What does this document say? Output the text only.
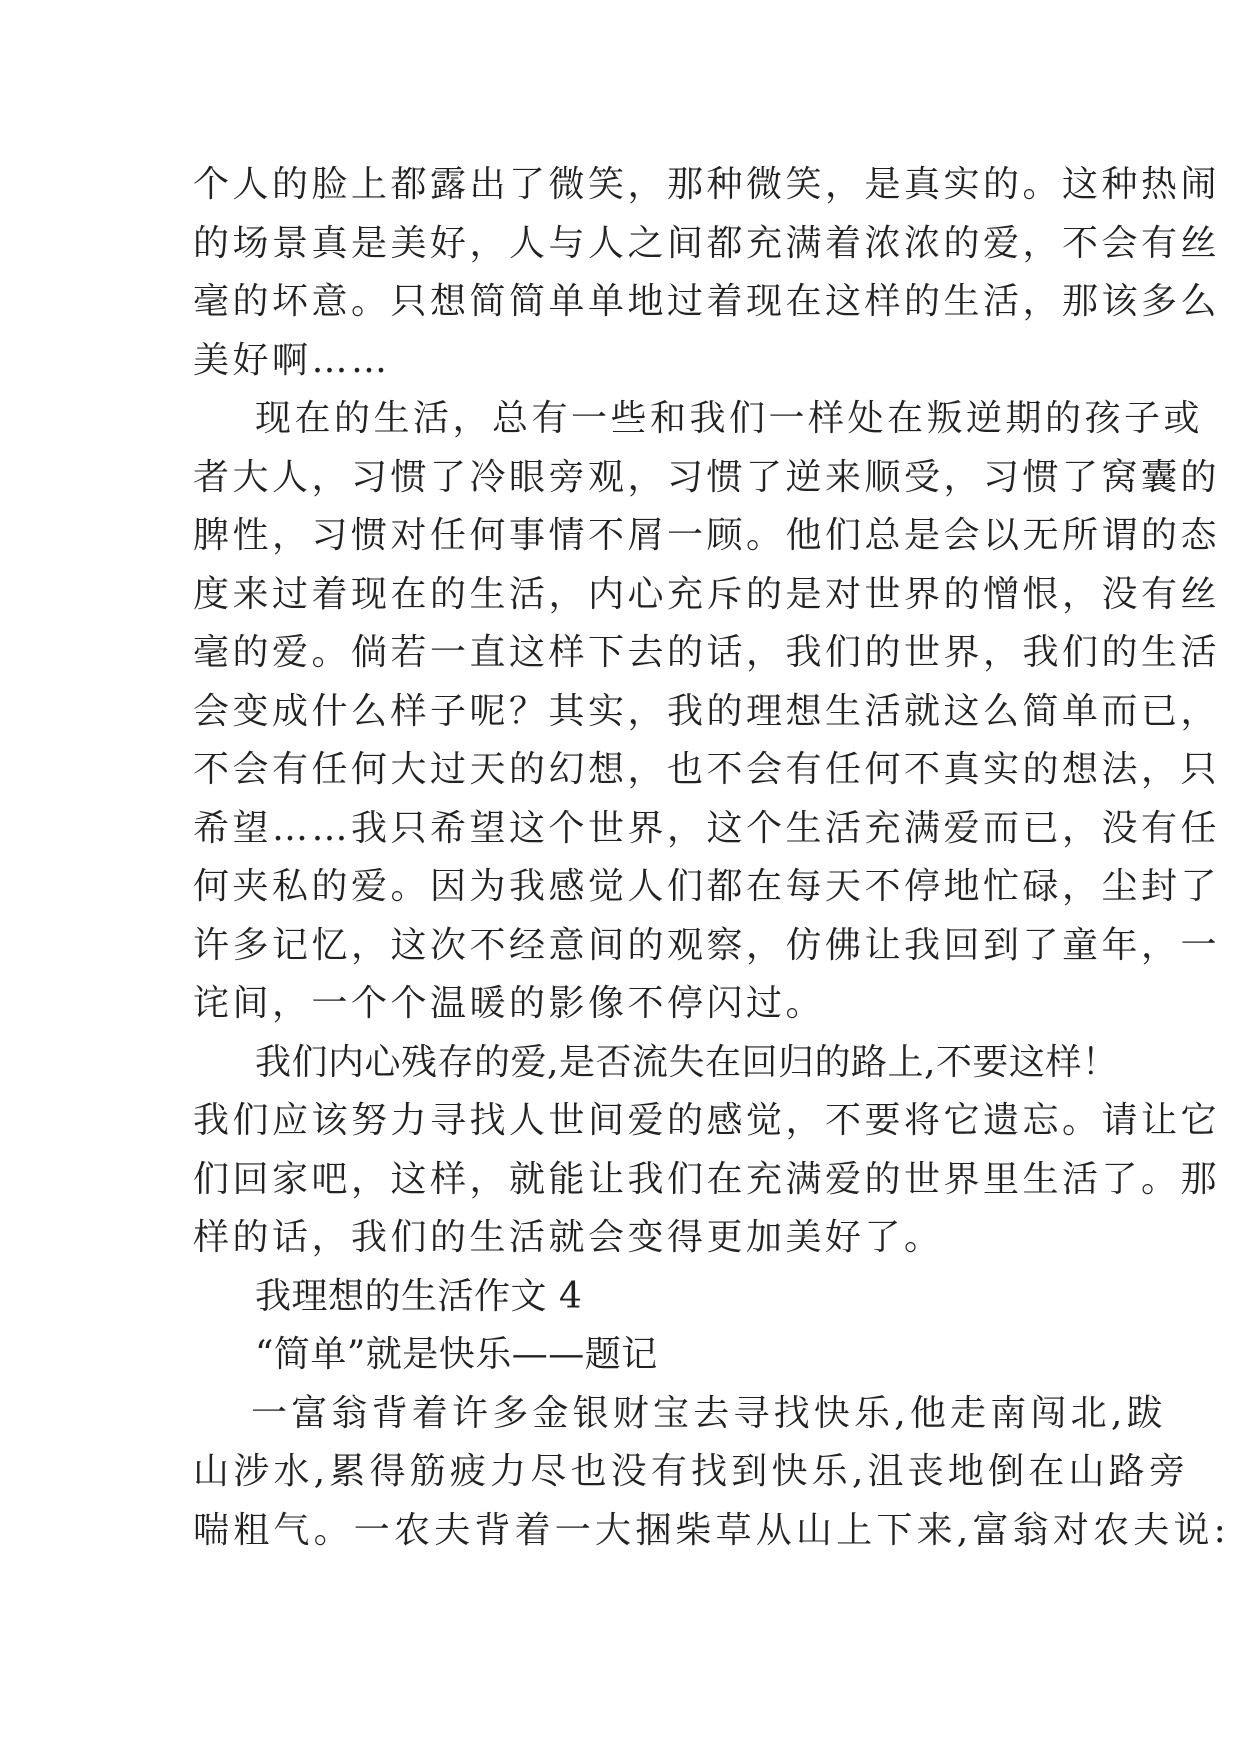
个人的脸上都露出了微笑，那种微笑，是真实的。这种热闹
的场景真是美好，人与人之间都充满着浓浓的爱，不会有丝
毫的坏意。只想简简单单地过着现在这样的生活，那该多么
美好啊……
现在的生活，总有一些和我们一样处在叛逆期的孩子或
者大人，习惯了冷眼旁观，习惯了逆来顺受，习惯了窝囊的
脾性，习惯对任何事情不屑一顾。他们总是会以无所谓的态
度来过着现在的生活，内心充斥的是对世界的憎恨，没有丝
毫的爱。倘若一直这样下去的话，我们的世界，我们的生活
会变成什么样子呢？其实，我的理想生活就这么简单而已，
不会有任何大过天的幻想，也不会有任何不真实的想法，只
希望……我只希望这个世界，这个生活充满爱而已，没有任
何夹私的爱。因为我感觉人们都在每天不停地忙碌，尘封了
许多记忆，这次不经意间的观察，仿佛让我回到了童年，一
诧间，一个个温暖的影像不停闪过。
我们内心残存的爱,是否流失在回归的路上,不要这样！
我们应该努力寻找人世间爱的感觉，不要将它遗忘。请让它
们回家吧，这样，就能让我们在充满爱的世界里生活了。那
样的话，我们的生活就会变得更加美好了。
我理想的生活作文 4
“简单”就是快乐——题记
一富翁背着许多金银财宝去寻找快乐,他走南闯北,跋
山涉水,累得筋疲力尽也没有找到快乐,沮丧地倒在山路旁
喘粗气。一农夫背着一大捆柴草从山上下来,富翁对农夫说:
